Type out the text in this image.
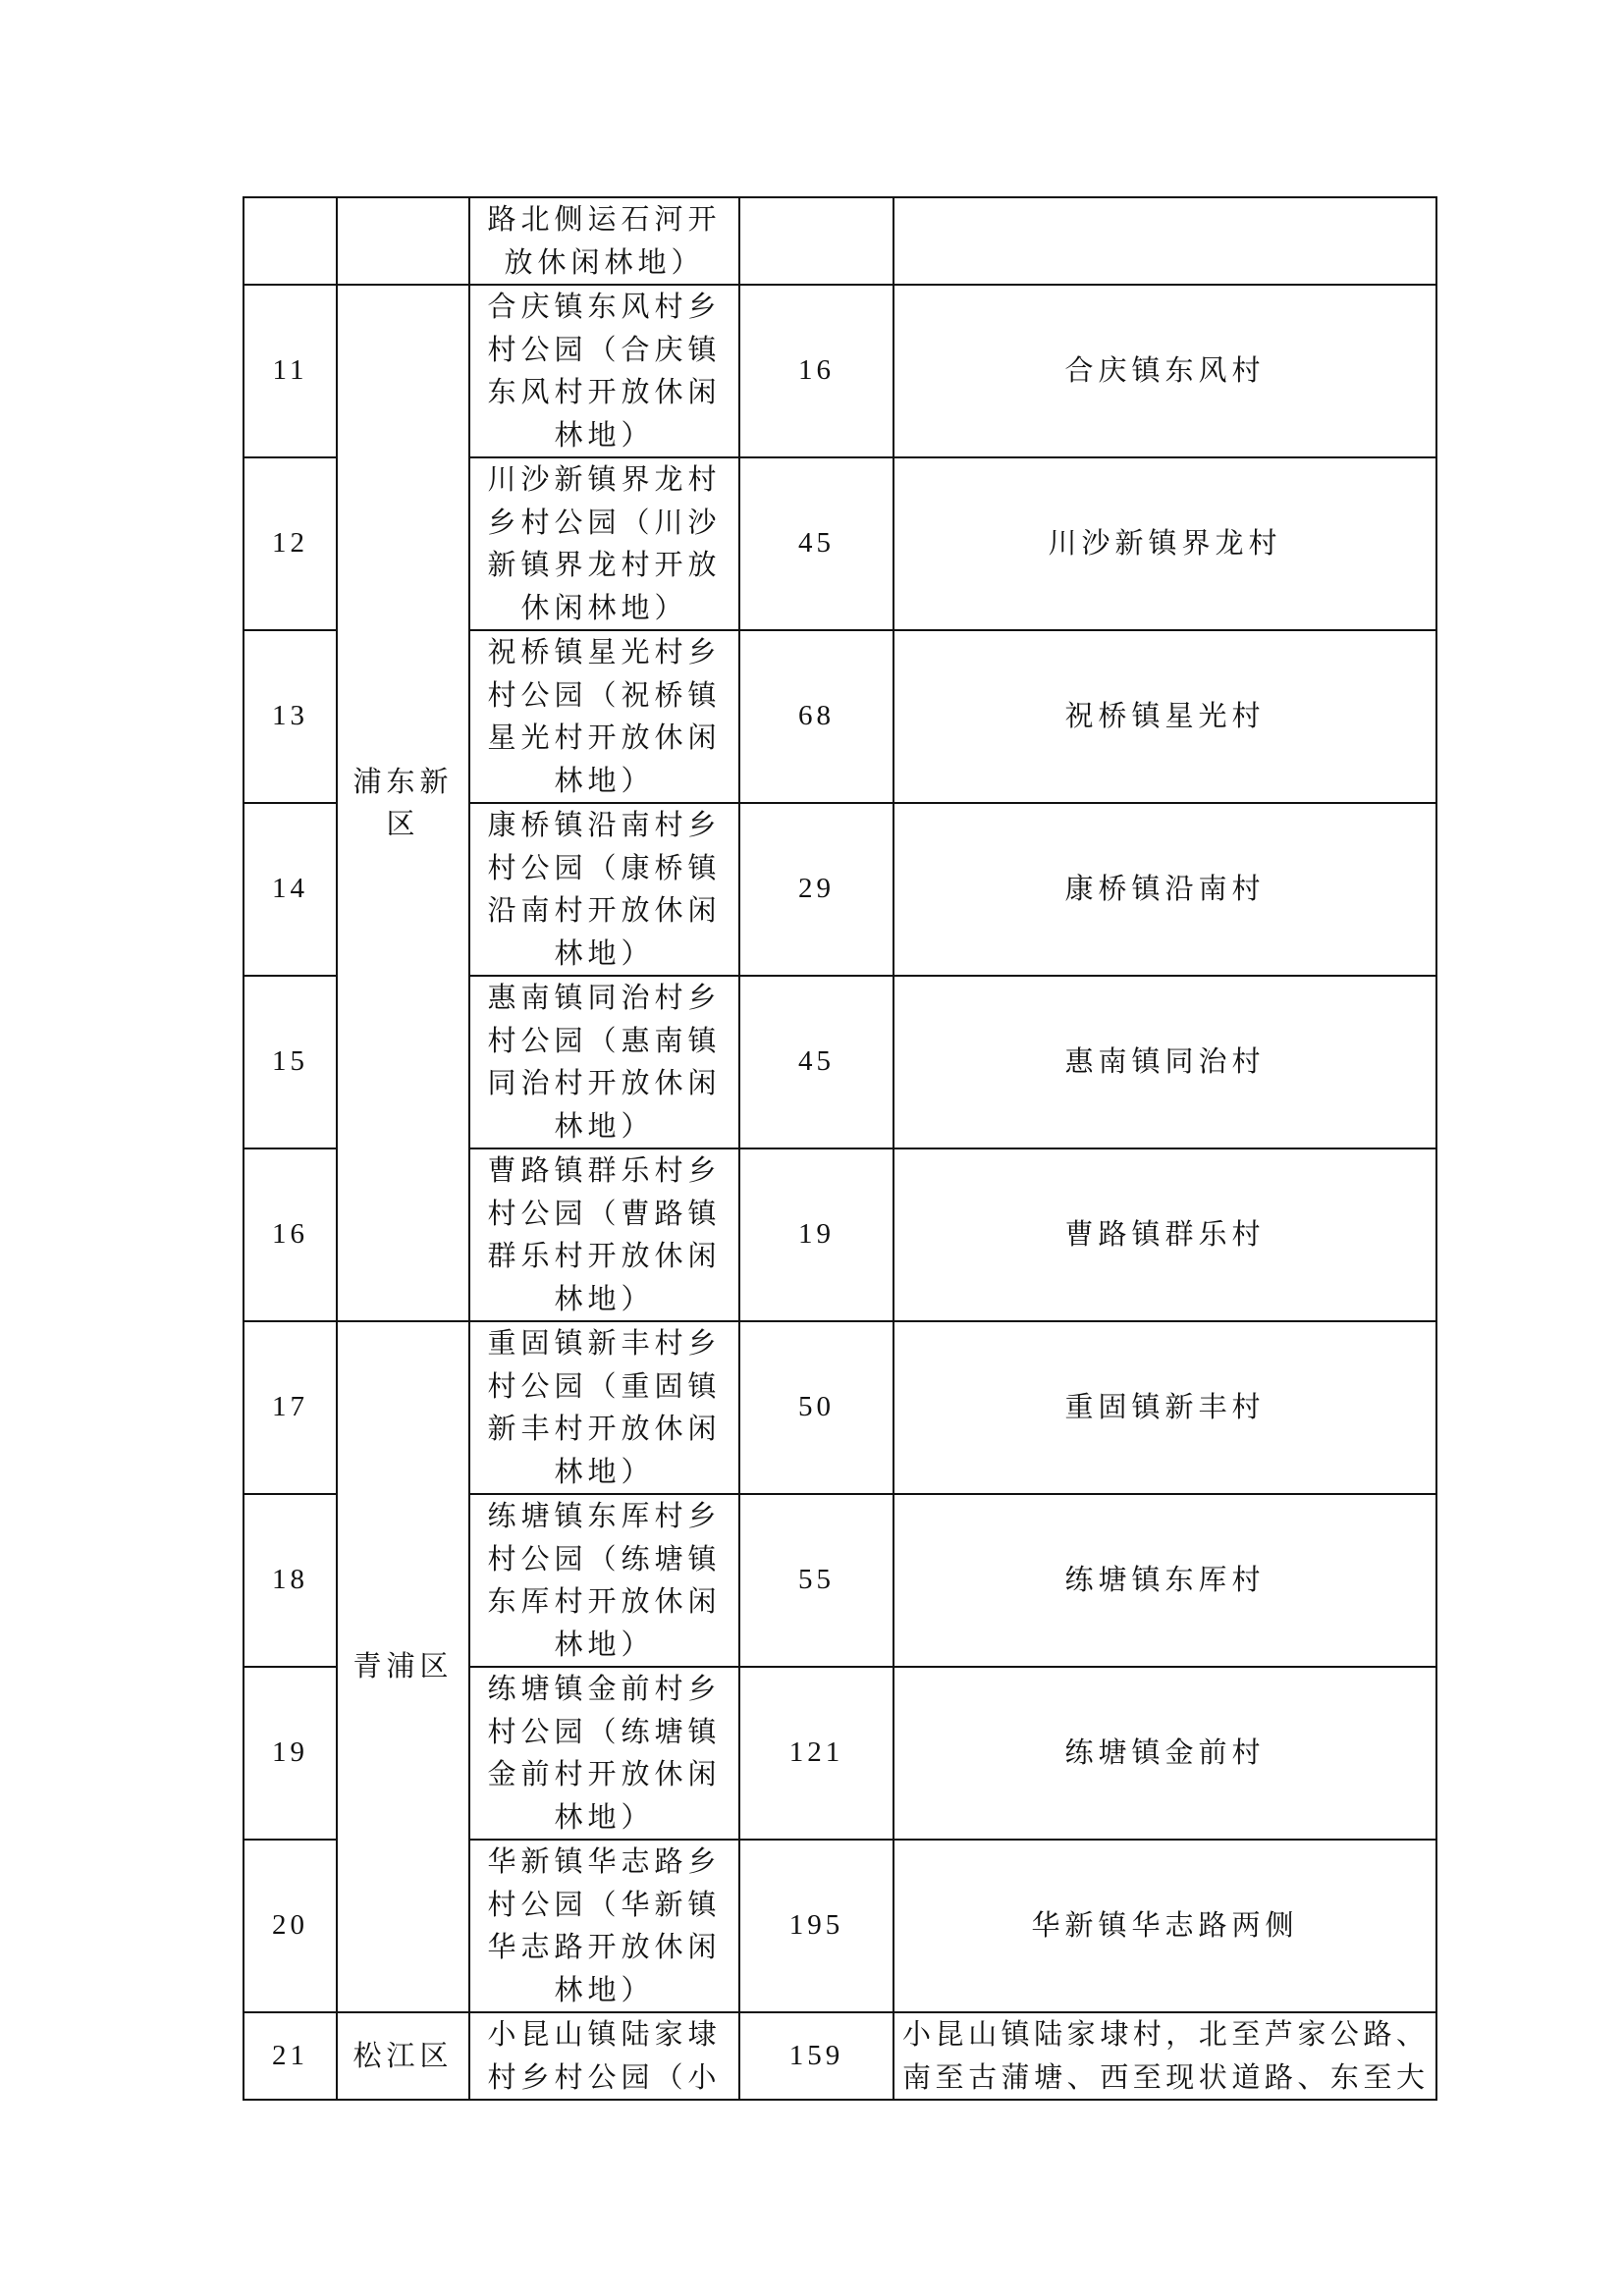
		路北侧运石河开放休闲林地）		

11	浦东新区	合庆镇东风村乡村公园（合庆镇东风村开放休闲林地）	16	合庆镇东风村

12		川沙新镇界龙村乡村公园（川沙新镇界龙村开放休闲林地）	45	川沙新镇界龙村

13		祝桥镇星光村乡村公园（祝桥镇星光村开放休闲林地）	68	祝桥镇星光村

14		康桥镇沿南村乡村公园（康桥镇沿南村开放休闲林地）	29	康桥镇沿南村

15		惠南镇同治村乡村公园（惠南镇同治村开放休闲林地）	45	惠南镇同治村

16		曹路镇群乐村乡村公园（曹路镇群乐村开放休闲林地）	19	曹路镇群乐村

17	青浦区	重固镇新丰村乡村公园（重固镇新丰村开放休闲林地）	50	重固镇新丰村

18		练塘镇东厍村乡村公园（练塘镇东厍村开放休闲林地）	55	练塘镇东厍村

19		练塘镇金前村乡村公园（练塘镇金前村开放休闲林地）	121	练塘镇金前村

20		华新镇华志路乡村公园（华新镇华志路开放休闲林地）	195	华新镇华志路两侧

21	松江区	小昆山镇陆家埭村乡村公园（小	159	小昆山镇陆家埭村，北至芦家公路、南至古蒲塘、西至现状道路、东至大
